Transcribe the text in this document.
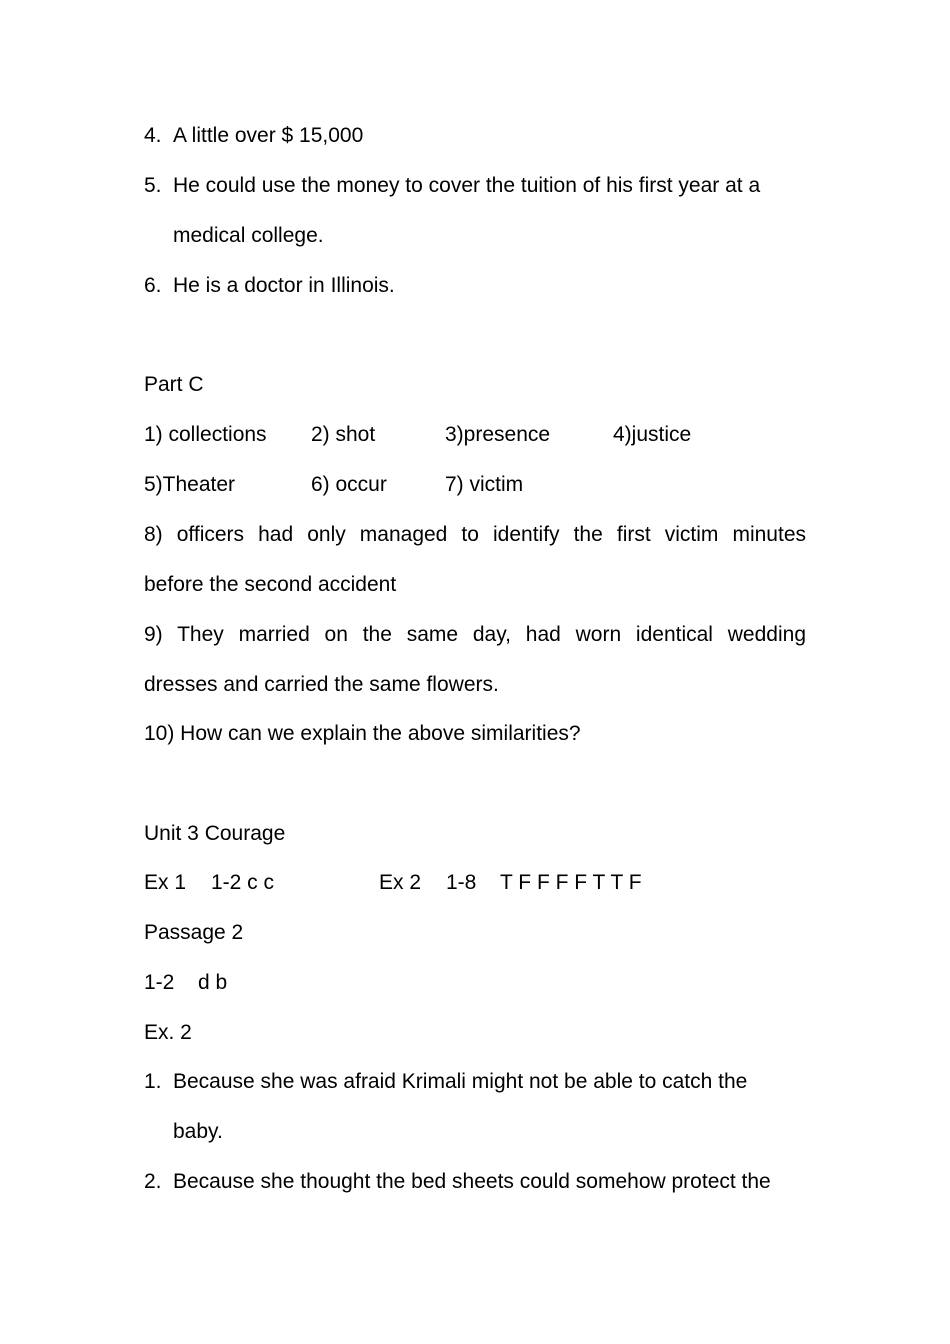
4. A little over $ 15,000
5. He could use the money to cover the tuition of his first year at a
medical college.
6. He is a doctor in Illinois.
Part C
1) collections 2) shot	3)presence	4)justice
5)Theater	6) occur	7) victim
8) officers had only managed to identify the first victim minutes
before the second accident
9) They married on the same day, had worn identical wedding
dresses and carried the same flowers.
10) How can we explain the above similarities?
Unit 3 Courage
Ex 1 1-2 c c	Ex 2 1-8 T F F F F T T F
Passage 2
1-2 d b
Ex. 2
1. Because she was afraid Krimali might not be able to catch the
baby.
2. Because she thought the bed sheets could somehow protect the
